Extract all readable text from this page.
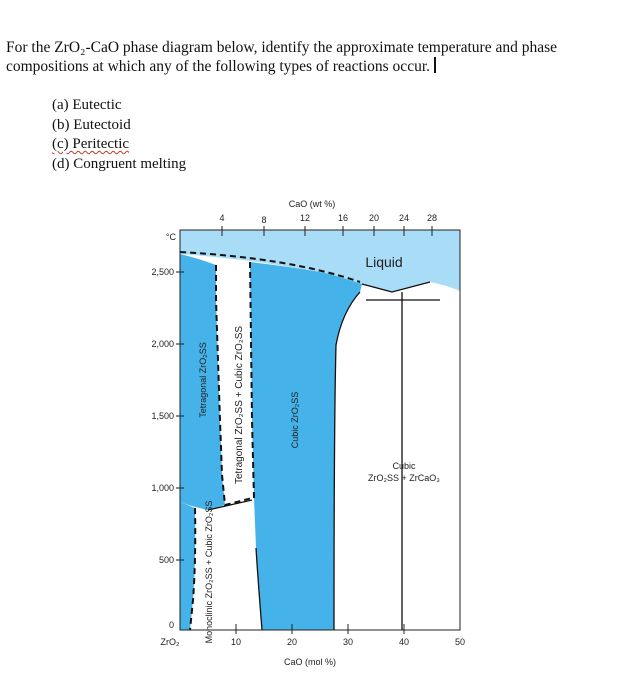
For the ZrO₂-CaO phase diagram below, identify the approximate temperature and phase compositions at which any of the following types of reactions occur.
(a) Eutectic
(b) Eutectoid
(c) Peritectic
(d) Congruent melting
CaO (wt %)
4	8	12	16 20 24 28
°C
2,500
2,000
1,500
1,000
500
0
ZrO₂	10	20	30	40	50
CaO (mol %)
Liquid
Tetragonal ZrO₂SS	Tetragonal ZrO₂SS + Cubic ZrO₂SS	Cubic ZrO₂SS
Monoclinic ZrO₂SS + Cubic ZrO₂SS
Cubic
ZrO₂SS + ZrCaO₃
